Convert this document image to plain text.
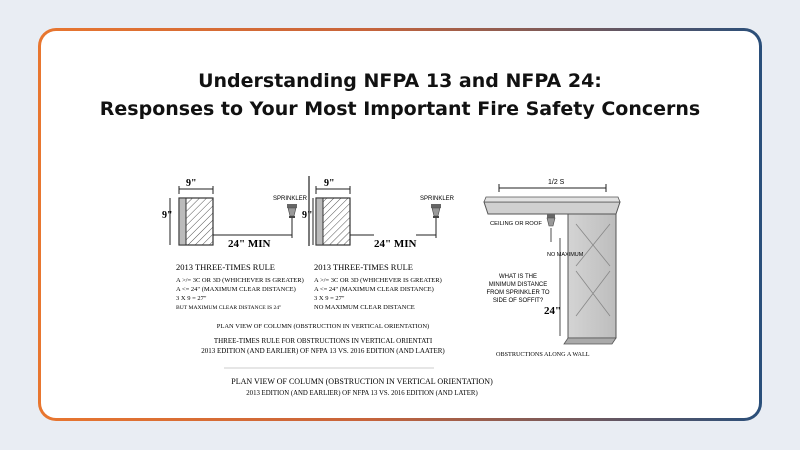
Understanding NFPA 13 and NFPA 24:
Responses to Your Most Important Fire Safety Concerns
9"
9"
24" MIN
SPRINKLER
2013 THREE-TIMES RULE
A >/= 3C OR 3D (WHICHEVER IS GREATER)
A <= 24" (MAXIMUM CLEAR DISTANCE)
3 X 9 = 27"
BUT MAXIMUM CLEAR DISTANCE IS 24"
9"
9"
24" MIN
SPRINKLER
2013 THREE-TIMES RULE
A >/= 3C OR 3D (WHICHEVER IS GREATER)
A <= 24" (MAXIMUM CLEAR DISTANCE)
3 X 9 = 27"
NO MAXIMUM CLEAR DISTANCE
1/2 S
CEILING OR ROOF
NO MAXIMUM
24"
WHAT IS THE
MINIMUM DISTANCE
FROM SPRINKLER TO
SIDE OF SOFFIT?
OBSTRUCTIONS ALONG A WALL
PLAN VIEW OF COLUMN (OBSTRUCTION IN VERTICAL ORIENTATION)
THREE-TIMES RULE FOR OBSTRUCTIONS IN VERTICAL ORIENTATI
2013 EDITION (AND EARLIER) OF NFPA 13 VS. 2016 EDITION (AND LAATER)
PLAN VIEW OF COLUMN (OBSTRUCTION IN VERTICAL ORIENTATION)
2013 EDITION (AND EARLIER) OF NFPA 13 VS. 2016 EDITION (AND LATER)
